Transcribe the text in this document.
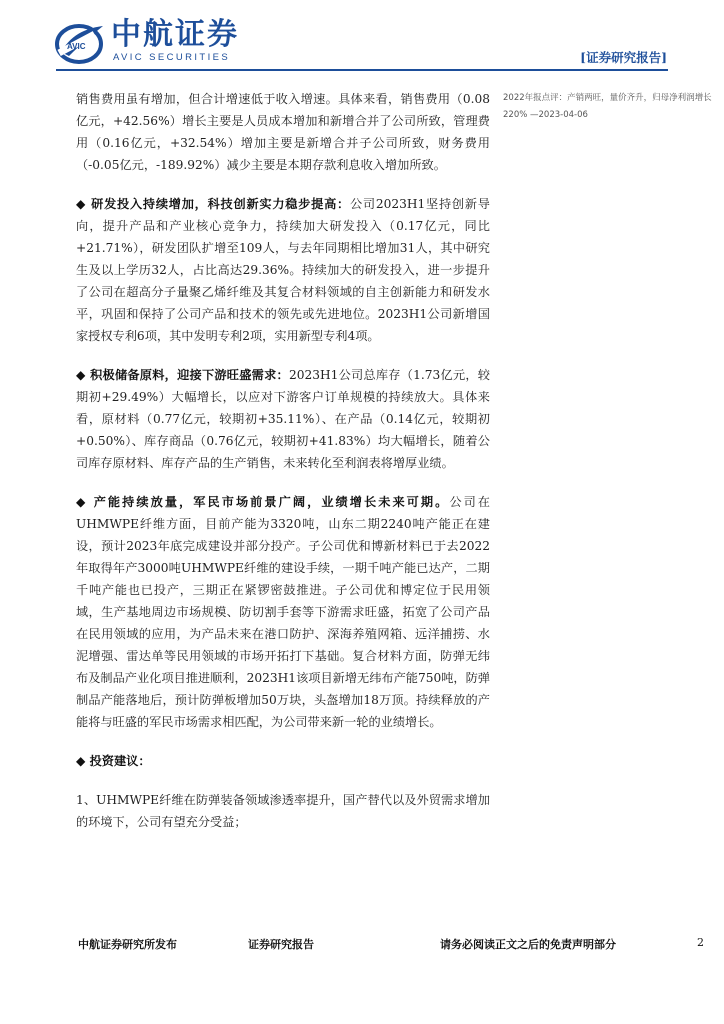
AVIC 中航证券
AVIC SECURITIES	[证券研究报告]
2022年报点评：产销两旺，量价齐升，归母净利润增长220% —2023-04-06

销售费用虽有增加，但合计增速低于收入增速。具体来看，销售费用（0.08亿元，+42.56%）增长主要是人员成本增加和新增合并了公司所致，管理费用（0.16亿元，+32.54%）增加主要是新增合并子公司所致，财务费用（-0.05亿元，-189.92%）减少主要是本期存款利息收入增加所致。

◆ 研发投入持续增加，科技创新实力稳步提高：公司2023H1坚持创新导向，提升产品和产业核心竞争力，持续加大研发投入（0.17亿元，同比+21.71%），研发团队扩增至109人，与去年同期相比增加31人，其中研究生及以上学历32人，占比高达29.36%。持续加大的研发投入，进一步提升了公司在超高分子量聚乙烯纤维及其复合材料领域的自主创新能力和研发水平，巩固和保持了公司产品和技术的领先或先进地位。2023H1公司新增国家授权专利6项，其中发明专利2项，实用新型专利4项。

◆ 积极储备原料，迎接下游旺盛需求：2023H1公司总库存（1.73亿元，较期初+29.49%）大幅增长，以应对下游客户订单规模的持续放大。具体来看，原材料（0.77亿元，较期初+35.11%）、在产品（0.14亿元，较期初+0.50%）、库存商品（0.76亿元，较期初+41.83%）均大幅增长，随着公司库存原材料、库存产品的生产销售，未来转化至利润表将增厚业绩。

◆ 产能持续放量，军民市场前景广阔，业绩增长未来可期。公司在UHMWPE纤维方面，目前产能为3320吨，山东二期2240吨产能正在建设，预计2023年底完成建设并部分投产。子公司优和博新材料已于去2022年取得年产3000吨UHMWPE纤维的建设手续，一期千吨产能已达产，二期千吨产能也已投产，三期正在紧锣密鼓推进。子公司优和博定位于民用领域，生产基地周边市场规模、防切割手套等下游需求旺盛，拓宽了公司产品在民用领域的应用，为产品未来在港口防护、深海养殖网箱、远洋捕捞、水泥增强、雷达单等民用领域的市场开拓打下基础。复合材料方面，防弹无纬布及制品产业化项目推进顺利，2023H1该项目新增无纬布产能750吨，防弹制品产能落地后，预计防弹板增加50万块，头盔增加18万顶。持续释放的产能将与旺盛的军民市场需求相匹配，为公司带来新一轮的业绩增长。

◆ 投资建议：

1、UHMWPE纤维在防弹装备领域渗透率提升，国产替代以及外贸需求增加的环境下，公司有望充分受益；

中航证券研究所发布	证券研究报告	请务必阅读正文之后的免责声明部分	2
